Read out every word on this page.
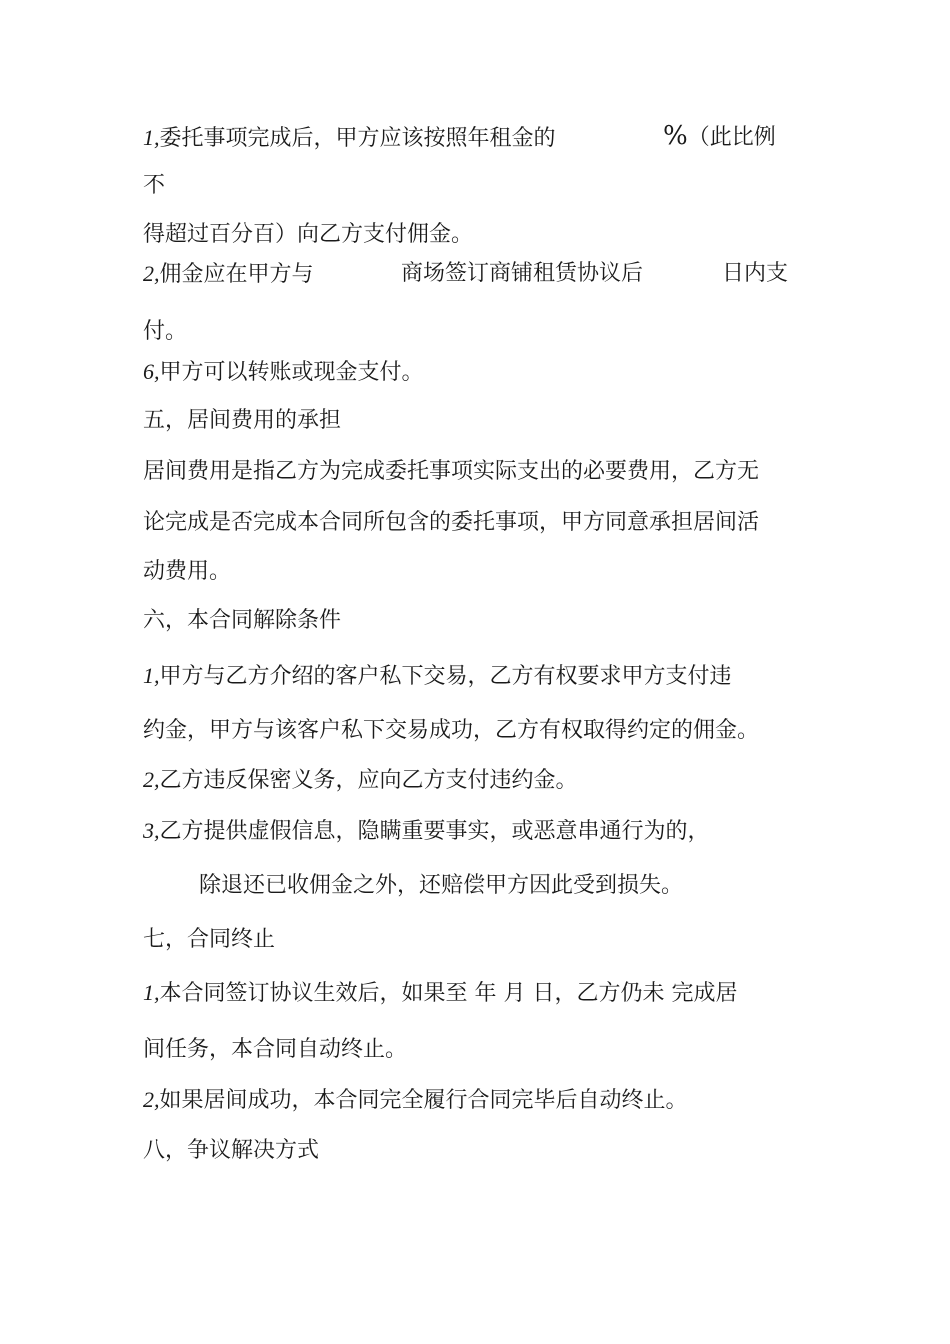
1,委托事项完成后，甲方应该按照年租金的	%（此比例

不

得超过百分百）向乙方支付佣金。

2,佣金应在甲方与	商场签订商铺租赁协议后	日内支

付。

6,甲方可以转账或现金支付。

五，居间费用的承担

居间费用是指乙方为完成委托事项实际支出的必要费用，乙方无

论完成是否完成本合同所包含的委托事项，甲方同意承担居间活

动费用。

六，本合同解除条件

1,甲方与乙方介绍的客户私下交易，乙方有权要求甲方支付违

约金，甲方与该客户私下交易成功，乙方有权取得约定的佣金。

2,乙方违反保密义务，应向乙方支付违约金。

3,乙方提供虚假信息，隐瞒重要事实，或恶意串通行为的，

除退还已收佣金之外，还赔偿甲方因此受到损失。

七，合同终止

1,本合同签订协议生效后，如果至 年 月 日，乙方仍未 完成居

间任务，本合同自动终止。

2,如果居间成功，本合同完全履行合同完毕后自动终止。

八，争议解决方式
